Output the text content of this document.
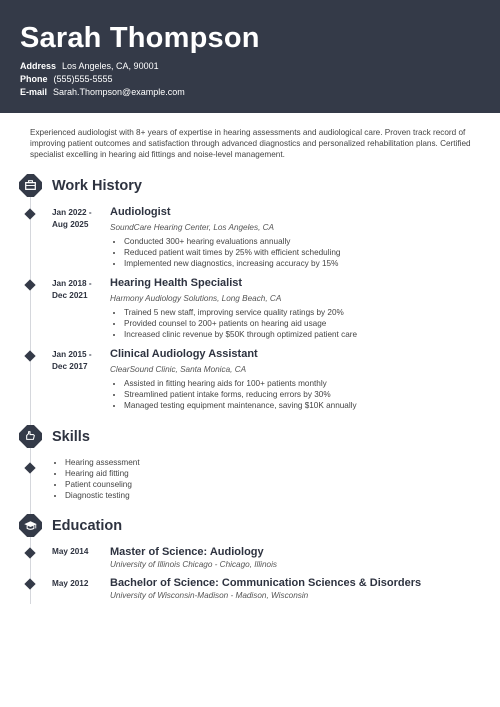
Sarah Thompson
Address Los Angeles, CA, 90001
Phone (555)555-5555
E-mail Sarah.Thompson@example.com
Experienced audiologist with 8+ years of expertise in hearing assessments and audiological care. Proven track record of improving patient outcomes and satisfaction through advanced diagnostics and personalized rehabilitation plans. Certified specialist excelling in hearing aid fittings and noise-level management.
Work History
Jan 2022 -
Aug 2025
Audiologist
SoundCare Hearing Center, Los Angeles, CA
• Conducted 300+ hearing evaluations annually
• Reduced patient wait times by 25% with efficient scheduling
• Implemented new diagnostics, increasing accuracy by 15%
Jan 2018 -
Dec 2021
Hearing Health Specialist
Harmony Audiology Solutions, Long Beach, CA
• Trained 5 new staff, improving service quality ratings by 20%
• Provided counsel to 200+ patients on hearing aid usage
• Increased clinic revenue by $50K through optimized patient care
Jan 2015 -
Dec 2017
Clinical Audiology Assistant
ClearSound Clinic, Santa Monica, CA
• Assisted in fitting hearing aids for 100+ patients monthly
• Streamlined patient intake forms, reducing errors by 30%
• Managed testing equipment maintenance, saving $10K annually
Skills
• Hearing assessment
• Hearing aid fitting
• Patient counseling
• Diagnostic testing
Education
May 2014	Master of Science: Audiology
University of Illinois Chicago - Chicago, Illinois
May 2012	Bachelor of Science: Communication Sciences & Disorders
University of Wisconsin-Madison - Madison, Wisconsin
